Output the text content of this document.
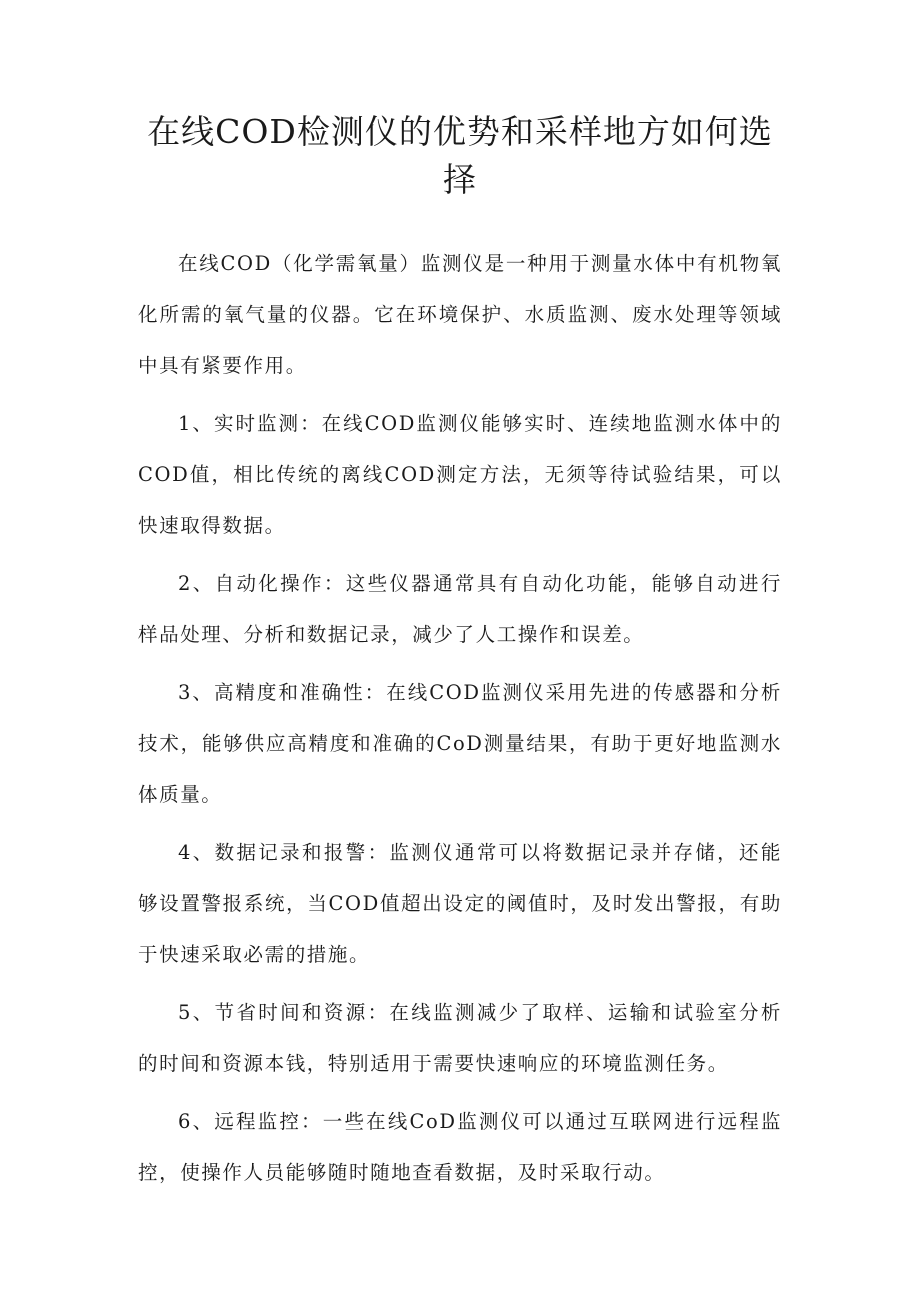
在线COD检测仪的优势和采样地方如何选择

在线COD（化学需氧量）监测仪是一种用于测量水体中有机物氧化所需的氧气量的仪器。它在环境保护、水质监测、废水处理等领域中具有紧要作用。

1、实时监测：在线COD监测仪能够实时、连续地监测水体中的COD值，相比传统的离线COD测定方法，无须等待试验结果，可以快速取得数据。

2、自动化操作：这些仪器通常具有自动化功能，能够自动进行样品处理、分析和数据记录，减少了人工操作和误差。

3、高精度和准确性：在线COD监测仪采用先进的传感器和分析技术，能够供应高精度和准确的CoD测量结果，有助于更好地监测水体质量。

4、数据记录和报警：监测仪通常可以将数据记录并存储，还能够设置警报系统，当COD值超出设定的阈值时，及时发出警报，有助于快速采取必需的措施。

5、节省时间和资源：在线监测减少了取样、运输和试验室分析的时间和资源本钱，特别适用于需要快速响应的环境监测任务。

6、远程监控：一些在线CoD监测仪可以通过互联网进行远程监控，使操作人员能够随时随地查看数据，及时采取行动。
